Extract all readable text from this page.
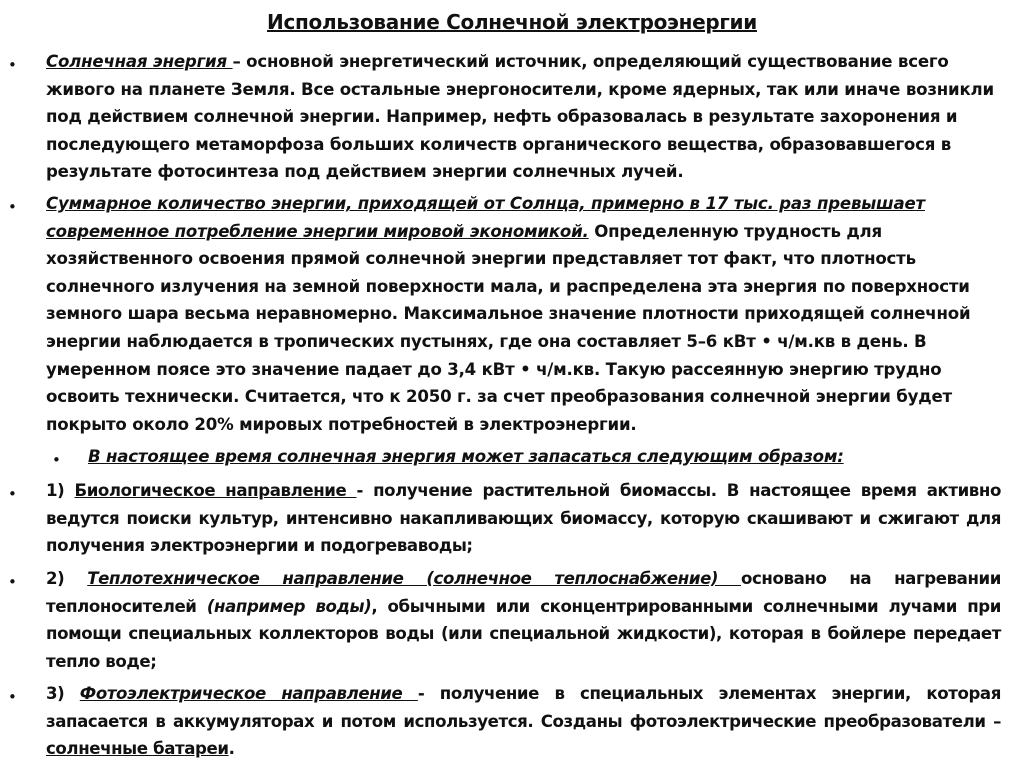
Использование Солнечной электроэнергии
• Солнечная энергия – основной энергетический источник, определяющий существование всего живого на планете Земля. Все остальные энергоносители, кроме ядерных, так или иначе возникли под действием солнечной энергии. Например, нефть образовалась в результате захоронения и последующего метаморфоза больших количеств органического вещества, образовавшегося в результате фотосинтеза под действием энергии солнечных лучей.
• Суммарное количество энергии, приходящей от Солнца, примерно в 17 тыс. раз превышает современное потребление энергии мировой экономикой. Определенную трудность для хозяйственного освоения прямой солнечной энергии представляет тот факт, что плотность солнечного излучения на земной поверхности мала, и распределена эта энергия по поверхности земного шара весьма неравномерно. Максимальное значение плотности приходящей солнечной энергии наблюдается в тропических пустынях, где она составляет 5–6 кВт • ч/м.кв в день. В умеренном поясе это значение падает до 3,4 кВт • ч/м.кв. Такую рассеянную энергию трудно освоить технически. Считается, что к 2050 г. за счет преобразования солнечной энергии будет покрыто около 20% мировых потребностей в электроэнергии.
• В настоящее время солнечная энергия может запасаться следующим образом:
• 1) Биологическое направление - получение растительной биомассы. В настоящее время активно ведутся поиски культур, интенсивно накапливающих биомассу, которую скашивают и сжигают для получения электроэнергии и подогреваводы;
• 2) Теплотехническое направление (солнечное теплоснабжение) основано на нагревании теплоносителей (например воды), обычными или сконцентрированными солнечными лучами при помощи специальных коллекторов воды (или специальной жидкости), которая в бойлере передает тепло воде;
• 3) Фотоэлектрическое направление - получение в специальных элементах энергии, которая запасается в аккумуляторах и потом используется. Созданы фотоэлектрические преобразователи – солнечные батареи.
